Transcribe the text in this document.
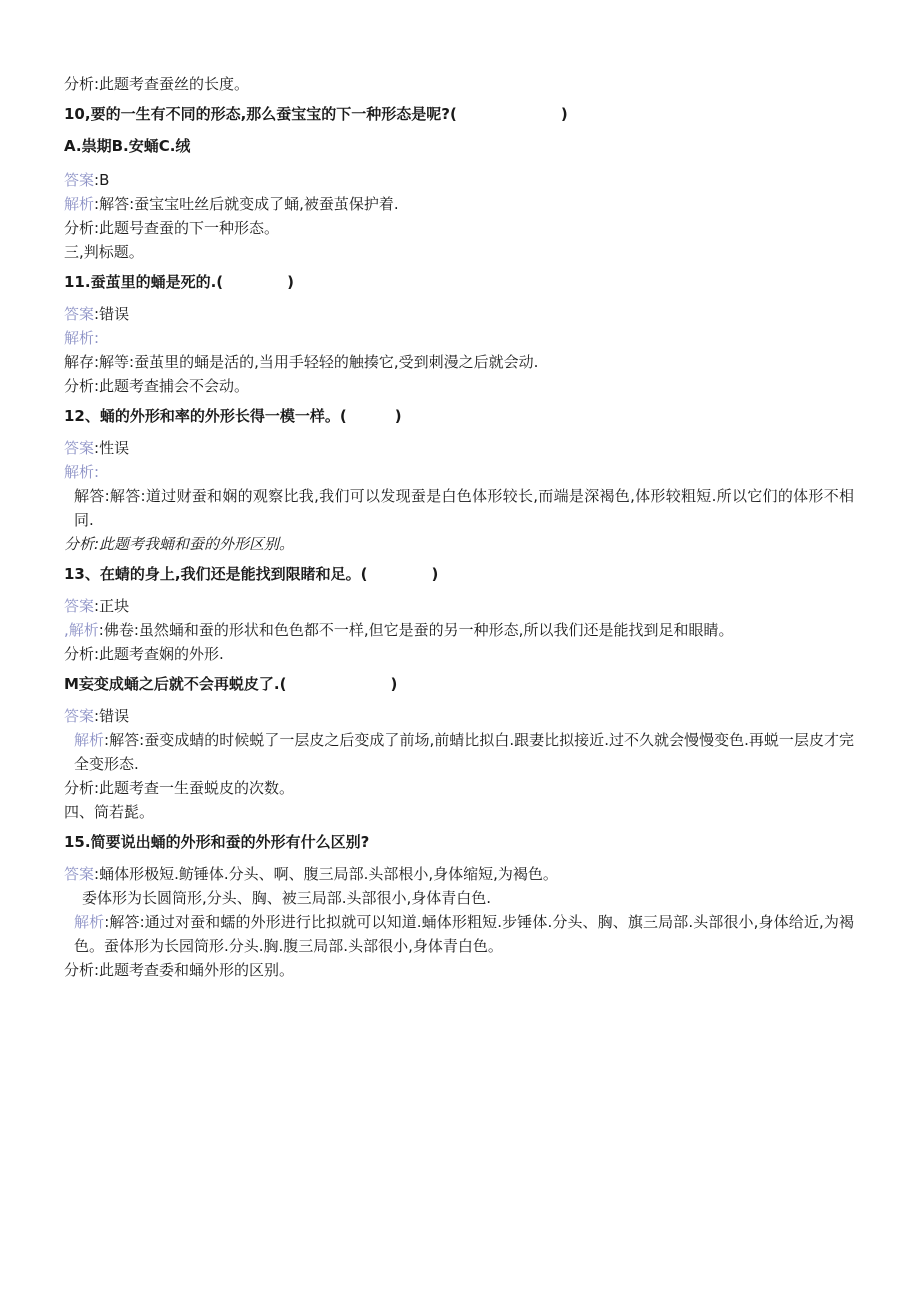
分析:此题考查蚕丝的长度。

10,要的一生有不同的形态,那么蚕宝宝的下一种形态是呢?(	)

A.祟期B.安蛹C.绒

答案:B

解析:解答:蚕宝宝吐丝后就变成了蛹,被蚕茧保护着.

分析:此题号查蚕的下一种形态。

三,判标题。

11.蚕茧里的蛹是死的.(	)

答案:错误

解析:

解存:解等:蚕茧里的蛹是活的,当用手轻轻的触揍它,受到刺漫之后就会动.

分析:此题考查捕会不会动。

12、蛹的外形和率的外形长得一模一样。(	)

答案:性误

解析:

解答:解答:道过财蚕和娴的观察比我,我们可以发现蚕是白色体形较长,而端是深褐色,体形较粗短.所以它们的体形不相同.

分析:此题考我蛹和蚕的外形区别。

13、在蜻的身上,我们还是能找到限睹和足。(	)

答案:正块

,解析:佛卷:虽然蛹和蚕的形状和色色都不一样,但它是蚕的另一种形态,所以我们还是能找到足和眼睛。

分析:此题考查娴的外形.

M妄变成蛹之后就不会再蜕皮了.(	)

答案:错误

解析:解答:蚕变成蜻的时候蜕了一层皮之后变成了前场,前蜻比拟白.跟妻比拟接近.过不久就会慢慢变色.再蜕一层皮才完全变形态.

分析:此题考查一生蚕蜕皮的次数。

四、筒若髭。

15.简要说出蛹的外形和蚕的外形有什么区别?

答案:蛹体形极短.鲂锤体.分头、啊、腹三局部.头部根小,身体缩短,为褐色。

委体形为长圆筒形,分头、胸、被三局部.头部很小,身体青白色.

解析:解答:通过对蚕和蠕的外形进行比拟就可以知道.蛹体形粗短.步锤体.分头、胸、旗三局部.头部很小,身体给近,为褐色。蚕体形为长园筒形.分头.胸.腹三局部.头部很小,身体青白色。

分析:此题考查委和蛹外形的区别。
